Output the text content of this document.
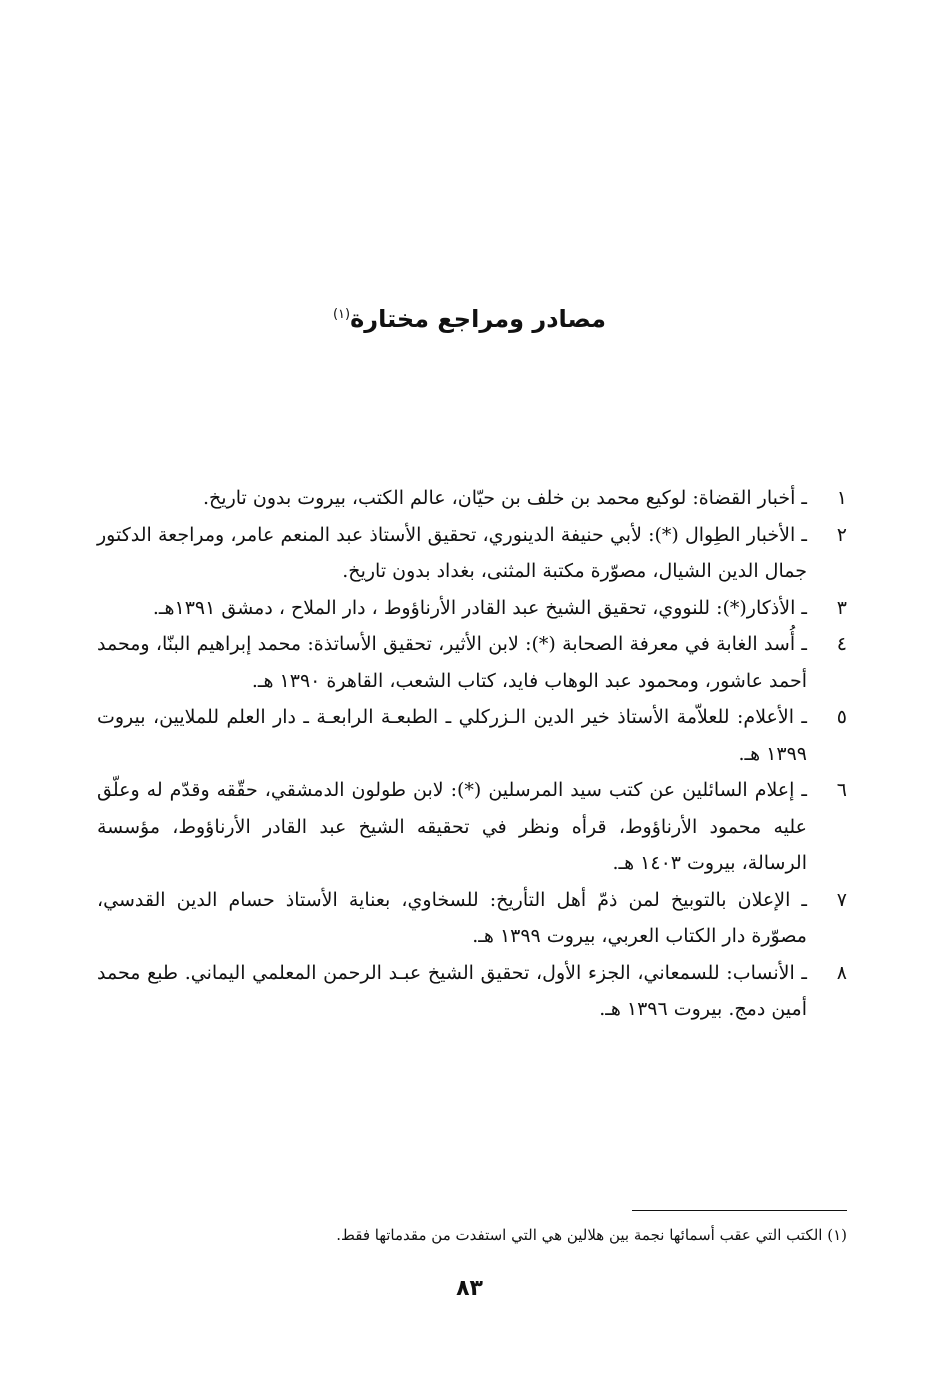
مصادر ومراجع مختارة$^{(١)}$
١
ـ أخبار القضاة: لوكيع محمد بن خلف بن حيّان، عالم الكتب، بيروت بدون تاريخ.
٢
ـ الأخبار الطِوال (*): لأبي حنيفة الدينوري، تحقيق الأستاذ عبد المنعم عامر، ومراجعة الدكتور جمال الدين الشيال، مصوّرة مكتبة المثنى، بغداد بدون تاريخ.
٣
ـ الأذكار(*): للنووي، تحقيق الشيخ عبد القادر الأرناؤوط ، دار الملاح ، دمشق ١٣٩١هـ.
٤
ـ أُسد الغابة في معرفة الصحابة (*): لابن الأثير، تحقيق الأساتذة: محمد إبراهيم البنّا، ومحمد أحمد عاشور، ومحمود عبد الوهاب فايد، كتاب الشعب، القاهرة ١٣٩٠ هـ.
٥
ـ الأعلام: للعلاّمة الأستاذ خير الدين الـزركلي ـ الطبعـة الرابعـة ـ دار العلم للملايين، بيروت ١٣٩٩ هـ.
٦
ـ إعلام السائلين عن كتب سيد المرسلين (*): لابن طولون الدمشقي، حقّقه وقدّم له وعلّق عليه محمود الأرناؤوط، قرأه ونظر في تحقيقه الشيخ عبد القادر الأرناؤوط، مؤسسة الرسالة، بيروت ١٤٠٣ هـ.
٧
ـ الإعلان بالتوبيخ لمن ذمّ أهل التأريخ: للسخاوي، بعناية الأستاذ حسام الدين القدسي، مصوّرة دار الكتاب العربي، بيروت ١٣٩٩ هـ.
٨
ـ الأنساب: للسمعاني، الجزء الأول، تحقيق الشيخ عبـد الرحمن المعلمي اليماني. طبع محمد أمين دمج. بيروت ١٣٩٦ هـ.
(١) الكتب التي عقب أسمائها نجمة بين هلالين هي التي استفدت من مقدماتها فقط.
٨٣
